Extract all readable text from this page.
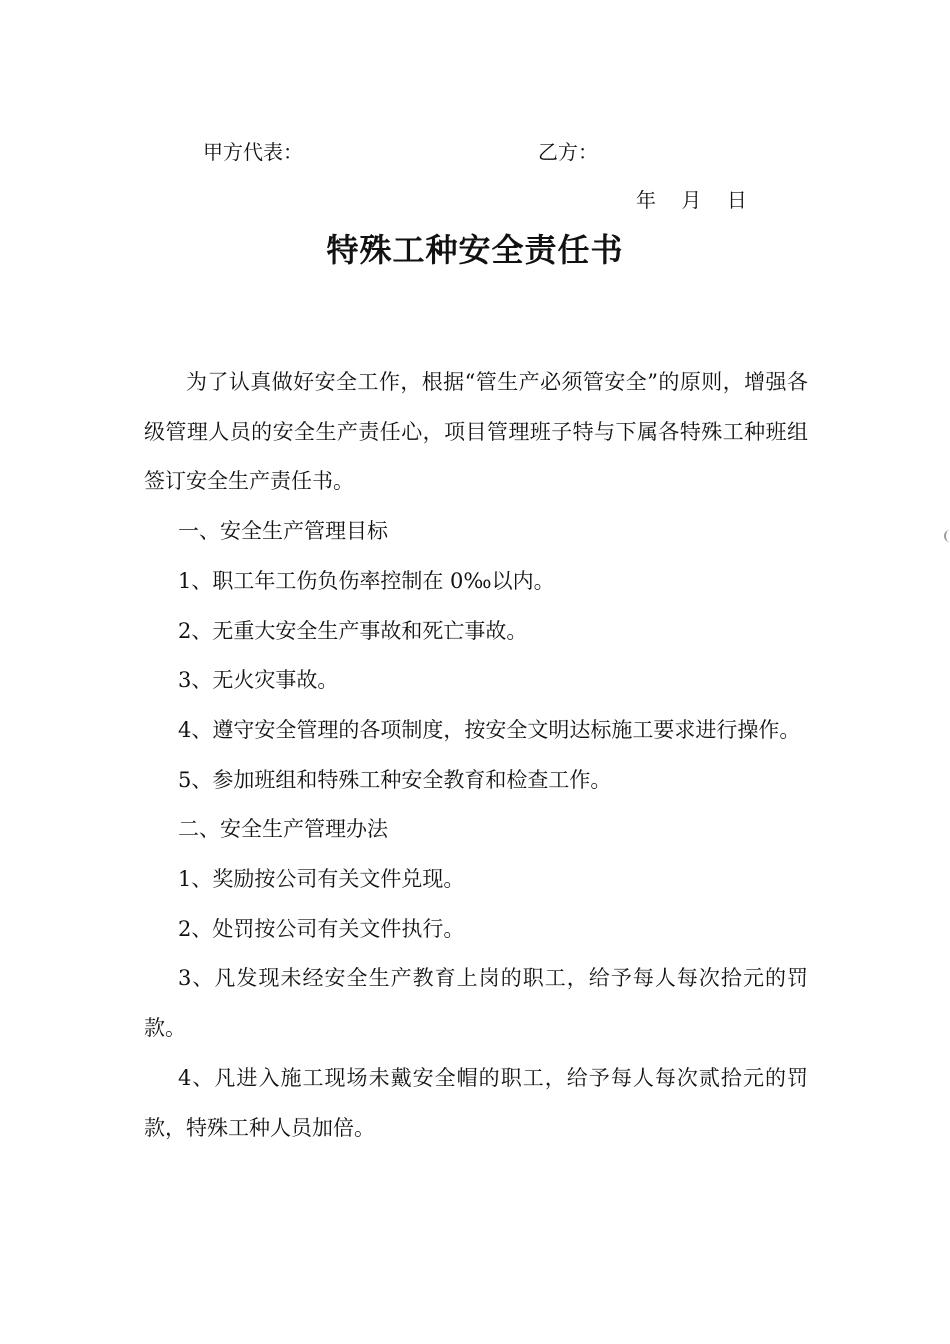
甲方代表：	乙方：
年    月    日
特殊工种安全责任书

为了认真做好安全工作，根据“管生产必须管安全”的原则，增强各级管理人员的安全生产责任心，项目管理班子特与下属各特殊工种班组签订安全生产责任书。

一、安全生产管理目标

1、职工年工伤负伤率控制在 0‰以内。

2、无重大安全生产事故和死亡事故。

3、无火灾事故。

4、遵守安全管理的各项制度，按安全文明达标施工要求进行操作。

5、参加班组和特殊工种安全教育和检查工作。

二、安全生产管理办法

1、奖励按公司有关文件兑现。

2、处罚按公司有关文件执行。

3、凡发现未经安全生产教育上岗的职工，给予每人每次拾元的罚款。

4、凡进入施工现场未戴安全帽的职工，给予每人每次贰拾元的罚款，特殊工种人员加倍。
